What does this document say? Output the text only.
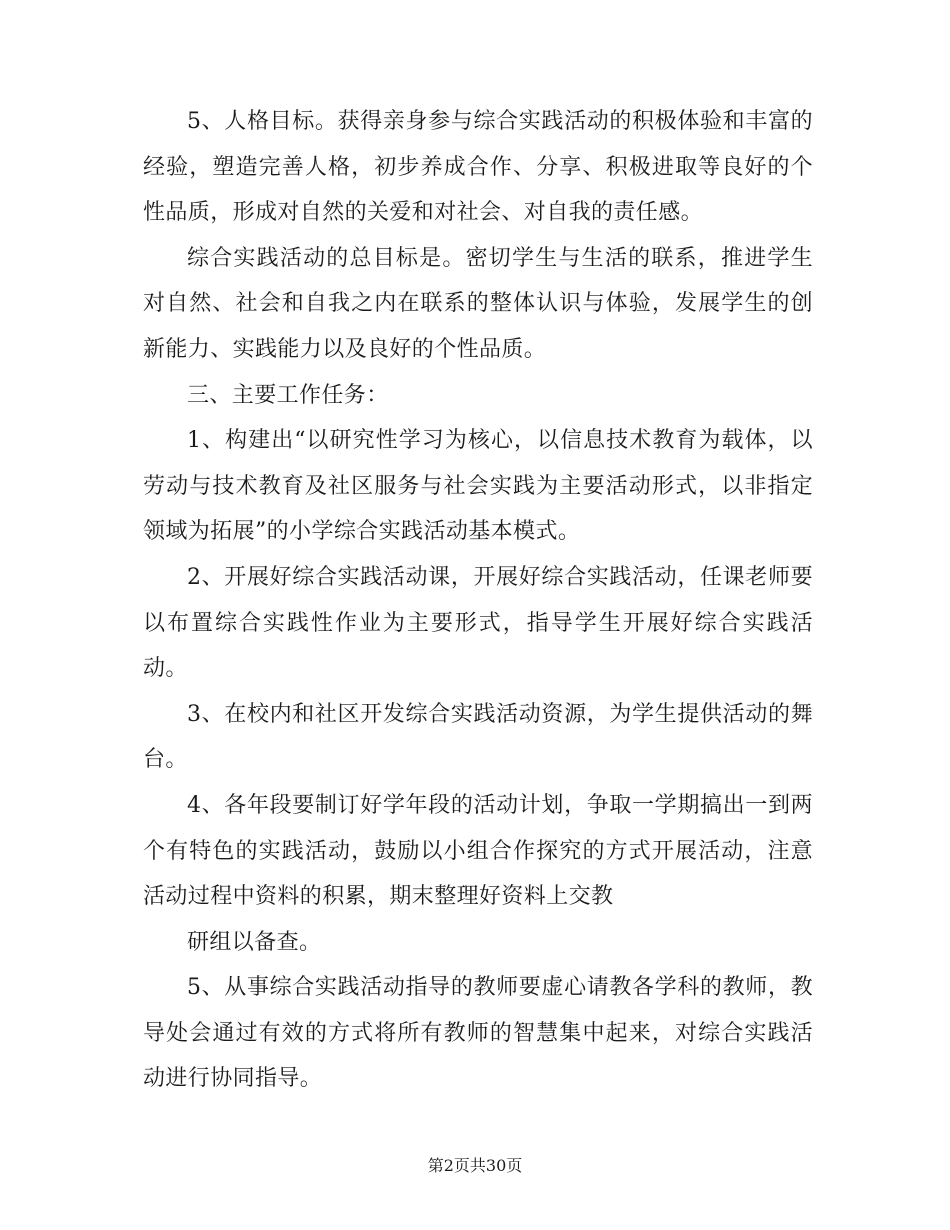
5、人格目标。获得亲身参与综合实践活动的积极体验和丰富的经验，塑造完善人格，初步养成合作、分享、积极进取等良好的个性品质，形成对自然的关爱和对社会、对自我的责任感。

综合实践活动的总目标是。密切学生与生活的联系，推进学生对自然、社会和自我之内在联系的整体认识与体验，发展学生的创新能力、实践能力以及良好的个性品质。

三、主要工作任务：

1、构建出“以研究性学习为核心，以信息技术教育为载体，以劳动与技术教育及社区服务与社会实践为主要活动形式，以非指定领域为拓展”的小学综合实践活动基本模式。

2、开展好综合实践活动课，开展好综合实践活动，任课老师要以布置综合实践性作业为主要形式，指导学生开展好综合实践活动。

3、在校内和社区开发综合实践活动资源，为学生提供活动的舞台。

4、各年段要制订好学年段的活动计划，争取一学期搞出一到两个有特色的实践活动，鼓励以小组合作探究的方式开展活动，注意活动过程中资料的积累，期末整理好资料上交教

研组以备查。

5、从事综合实践活动指导的教师要虚心请教各学科的教师，教导处会通过有效的方式将所有教师的智慧集中起来，对综合实践活动进行协同指导。

第2页共30页
